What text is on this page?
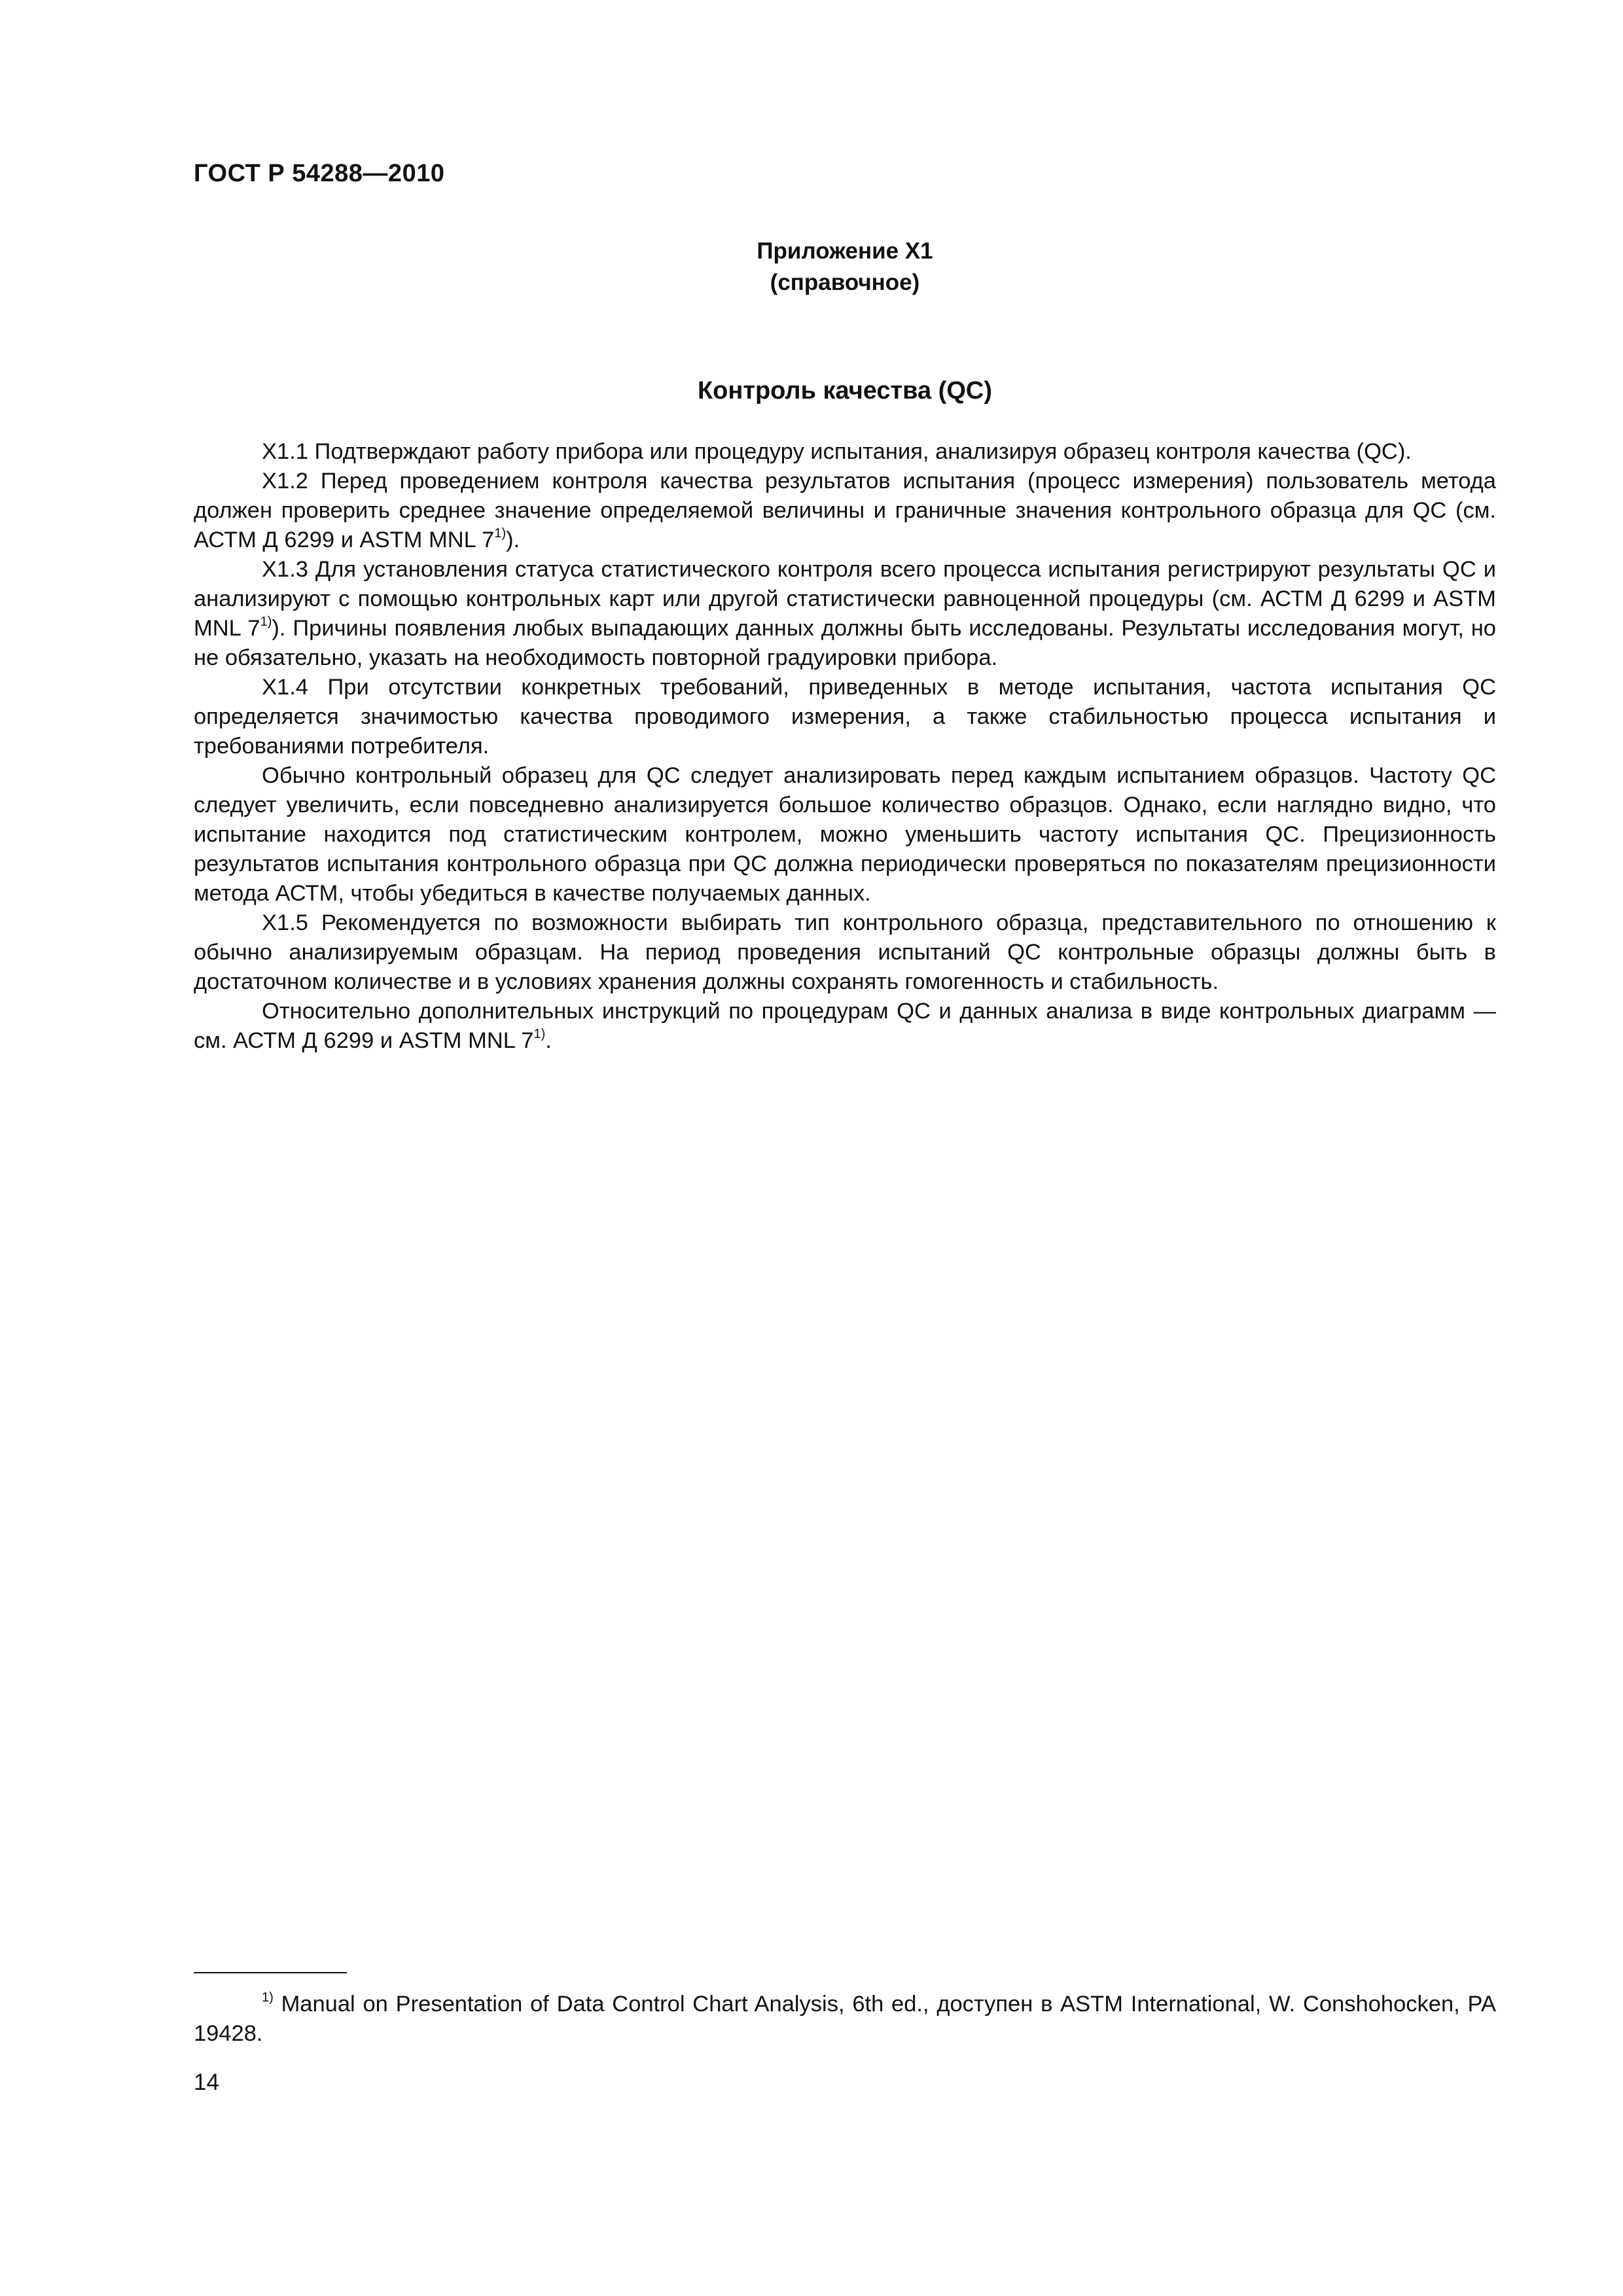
ГОСТ Р 54288—2010
Приложение X1
(справочное)
Контроль качества (QC)

X1.1 Подтверждают работу прибора или процедуру испытания, анализируя образец контроля качества (QC).

X1.2 Перед проведением контроля качества результатов испытания (процесс измерения) пользователь метода должен проверить среднее значение определяемой величины и граничные значения контрольного образца для QC (см. АСТМ Д 6299 и ASTM MNL 7$^{1)}$).

X1.3 Для установления статуса статистического контроля всего процесса испытания регистрируют результаты QC и анализируют с помощью контрольных карт или другой статистически равноценной процедуры (см. АСТМ Д 6299 и ASTM MNL 7$^{1)}$). Причины появления любых выпадающих данных должны быть исследованы. Результаты исследования могут, но не обязательно, указать на необходимость повторной градуировки прибора.

X1.4 При отсутствии конкретных требований, приведенных в методе испытания, частота испытания QC определяется значимостью качества проводимого измерения, а также стабильностью процесса испытания и требованиями потребителя.

Обычно контрольный образец для QC следует анализировать перед каждым испытанием образцов. Частоту QC следует увеличить, если повседневно анализируется большое количество образцов. Однако, если наглядно видно, что испытание находится под статистическим контролем, можно уменьшить частоту испытания QC. Прецизионность результатов испытания контрольного образца при QC должна периодически проверяться по показателям прецизионности метода АСТМ, чтобы убедиться в качестве получаемых данных.

X1.5 Рекомендуется по возможности выбирать тип контрольного образца, представительного по отношению к обычно анализируемым образцам. На период проведения испытаний QC контрольные образцы должны быть в достаточном количестве и в условиях хранения должны сохранять гомогенность и стабильность.

Относительно дополнительных инструкций по процедурам QC и данных анализа в виде контрольных диаграмм — см. АСТМ Д 6299 и ASTM MNL 7$^{1)}$.

$^{1)}$ Manual on Presentation of Data Control Chart Analysis, 6th ed., доступен в ASTM International, W. Conshohocken, PA 19428.

14
